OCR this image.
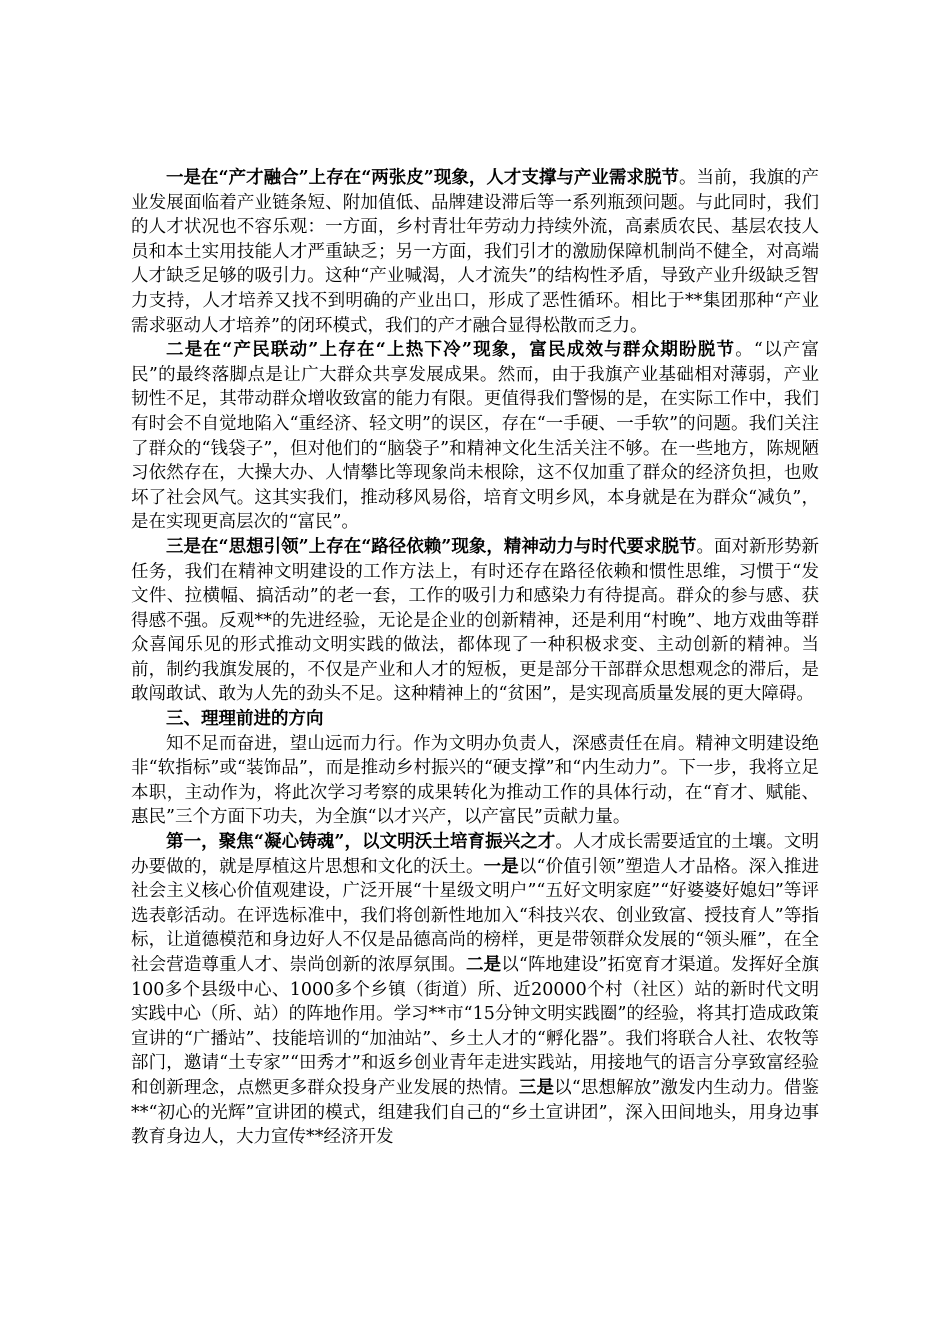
一是在“产才融合”上存在“两张皮”现象，人才支撑与产业需求脱节。当前，我旗的产业发展面临着产业链条短、附加值低、品牌建设滞后等一系列瓶颈问题。与此同时，我们的人才状况也不容乐观：一方面，乡村青壮年劳动力持续外流，高素质农民、基层农技人员和本土实用技能人才严重缺乏；另一方面，我们引才的激励保障机制尚不健全，对高端人才缺乏足够的吸引力。这种“产业喊渴，人才流失”的结构性矛盾，导致产业升级缺乏智力支持，人才培养又找不到明确的产业出口，形成了恶性循环。相比于**集团那种“产业需求驱动人才培养”的闭环模式，我们的产才融合显得松散而乏力。

二是在“产民联动”上存在“上热下冷”现象，富民成效与群众期盼脱节。“以产富民”的最终落脚点是让广大群众共享发展成果。然而，由于我旗产业基础相对薄弱，产业韧性不足，其带动群众增收致富的能力有限。更值得我们警惕的是，在实际工作中，我们有时会不自觉地陷入“重经济、轻文明”的误区，存在“一手硬、一手软”的问题。我们关注了群众的“钱袋子”，但对他们的“脑袋子”和精神文化生活关注不够。在一些地方，陈规陋习依然存在，大操大办、人情攀比等现象尚未根除，这不仅加重了群众的经济负担，也败坏了社会风气。这其实我们，推动移风易俗，培育文明乡风，本身就是在为群众“减负”，是在实现更高层次的“富民”。

三是在“思想引领”上存在“路径依赖”现象，精神动力与时代要求脱节。面对新形势新任务，我们在精神文明建设的工作方法上，有时还存在路径依赖和惯性思维，习惯于“发文件、拉横幅、搞活动”的老一套，工作的吸引力和感染力有待提高。群众的参与感、获得感不强。反观**的先进经验，无论是企业的创新精神，还是利用“村晚”、地方戏曲等群众喜闻乐见的形式推动文明实践的做法，都体现了一种积极求变、主动创新的精神。当前，制约我旗发展的，不仅是产业和人才的短板，更是部分干部群众思想观念的滞后，是敢闯敢试、敢为人先的劲头不足。这种精神上的“贫困”，是实现高质量发展的更大障碍。

三、理理前进的方向

知不足而奋进，望山远而力行。作为文明办负责人，深感责任在肩。精神文明建设绝非“软指标”或“装饰品”，而是推动乡村振兴的“硬支撑”和“内生动力”。下一步，我将立足本职，主动作为，将此次学习考察的成果转化为推动工作的具体行动，在“育才、赋能、惠民”三个方面下功夫，为全旗“以才兴产，以产富民”贡献力量。

第一，聚焦“凝心铸魂”，以文明沃土培育振兴之才。人才成长需要适宜的土壤。文明办要做的，就是厚植这片思想和文化的沃土。一是以“价值引领”塑造人才品格。深入推进社会主义核心价值观建设，广泛开展“十星级文明户”“五好文明家庭”“好婆婆好媳妇”等评选表彰活动。在评选标准中，我们将创新性地加入“科技兴农、创业致富、授技育人”等指标，让道德模范和身边好人不仅是品德高尚的榜样，更是带领群众发展的“领头雁”，在全社会营造尊重人才、崇尚创新的浓厚氛围。二是以“阵地建设”拓宽育才渠道。发挥好全旗100多个县级中心、1000多个乡镇（街道）所、近20000个村（社区）站的新时代文明实践中心（所、站）的阵地作用。学习**市“15分钟文明实践圈”的经验，将其打造成政策宣讲的“广播站”、技能培训的“加油站”、乡土人才的“孵化器”。我们将联合人社、农牧等部门，邀请“土专家”“田秀才”和返乡创业青年走进实践站，用接地气的语言分享致富经验和创新理念，点燃更多群众投身产业发展的热情。三是以“思想解放”激发内生动力。借鉴**“初心的光辉”宣讲团的模式，组建我们自己的“乡土宣讲团”，深入田间地头，用身边事教育身边人，大力宣传**经济开发
